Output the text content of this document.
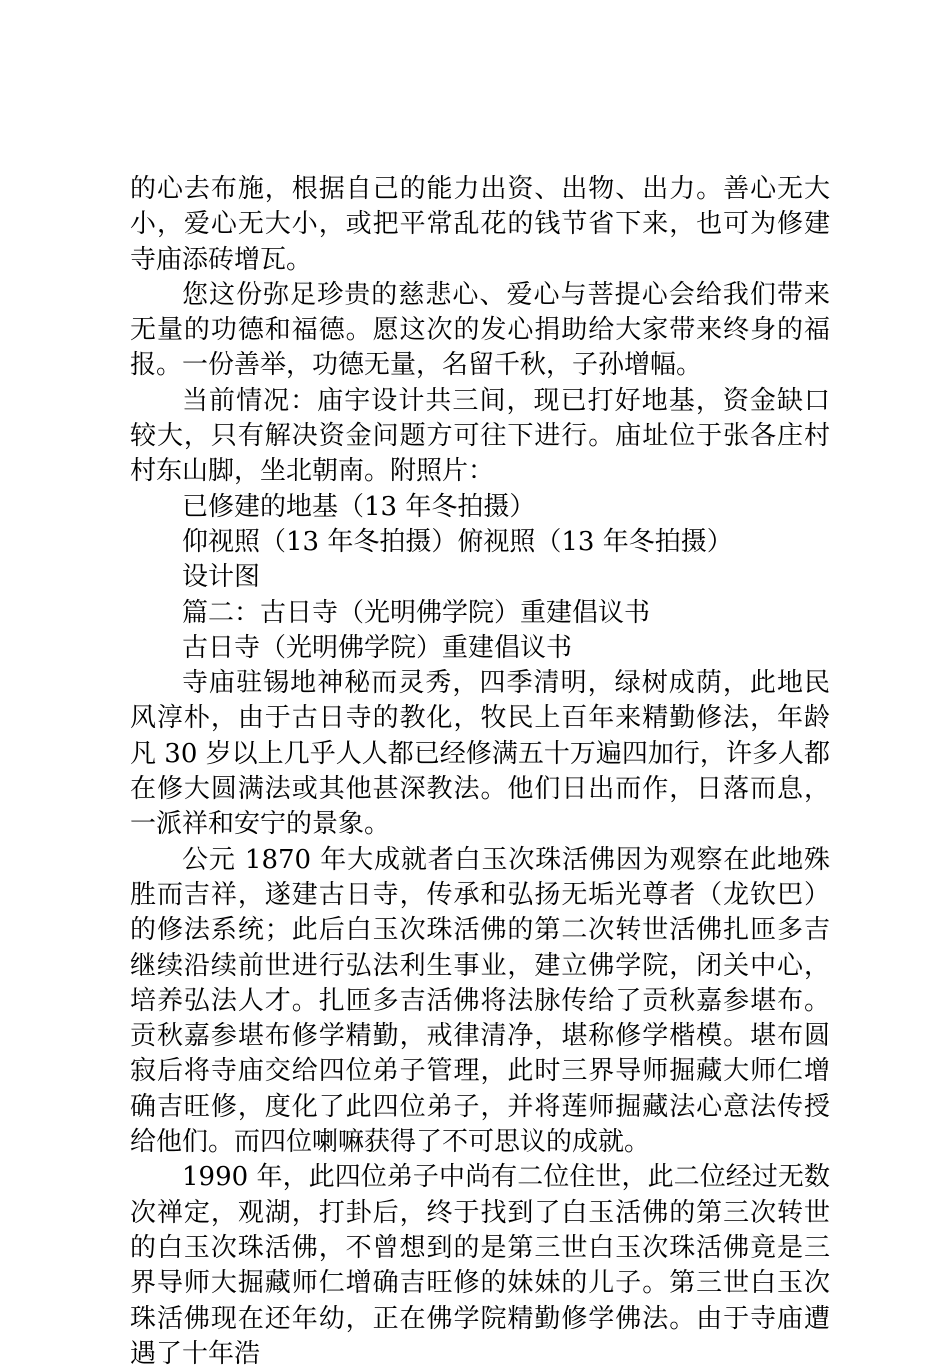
的心去布施，根据自己的能力出资、出物、出力。善心无大小，爱心无大小，或把平常乱花的钱节省下来，也可为修建寺庙添砖增瓦。

您这份弥足珍贵的慈悲心、爱心与菩提心会给我们带来无量的功德和福德。愿这次的发心捐助给大家带来终身的福报。一份善举，功德无量，名留千秋，子孙增幅。

当前情况：庙宇设计共三间，现已打好地基，资金缺口较大，只有解决资金问题方可往下进行。庙址位于张各庄村村东山脚，坐北朝南。附照片：

已修建的地基（13 年冬拍摄）

仰视照（13 年冬拍摄）俯视照（13 年冬拍摄）

设计图

篇二：古日寺（光明佛学院）重建倡议书

古日寺（光明佛学院）重建倡议书

寺庙驻锡地神秘而灵秀，四季清明，绿树成荫，此地民风淳朴，由于古日寺的教化，牧民上百年来精勤修法，年龄凡 30 岁以上几乎人人都已经修满五十万遍四加行，许多人都在修大圆满法或其他甚深教法。他们日出而作，日落而息，一派祥和安宁的景象。

公元 1870 年大成就者白玉次珠活佛因为观察在此地殊胜而吉祥，遂建古日寺，传承和弘扬无垢光尊者（龙钦巴）的修法系统；此后白玉次珠活佛的第二次转世活佛扎匝多吉继续沿续前世进行弘法利生事业，建立佛学院，闭关中心，培养弘法人才。扎匝多吉活佛将法脉传给了贡秋嘉参堪布。贡秋嘉参堪布修学精勤，戒律清净，堪称修学楷模。堪布圆寂后将寺庙交给四位弟子管理，此时三界导师掘藏大师仁增确吉旺修，度化了此四位弟子，并将莲师掘藏法心意法传授给他们。而四位喇嘛获得了不可思议的成就。

1990 年，此四位弟子中尚有二位住世，此二位经过无数次禅定，观湖，打卦后，终于找到了白玉活佛的第三次转世的白玉次珠活佛，不曾想到的是第三世白玉次珠活佛竟是三界导师大掘藏师仁增确吉旺修的妹妹的儿子。第三世白玉次珠活佛现在还年幼，正在佛学院精勤修学佛法。由于寺庙遭遇了十年浩
